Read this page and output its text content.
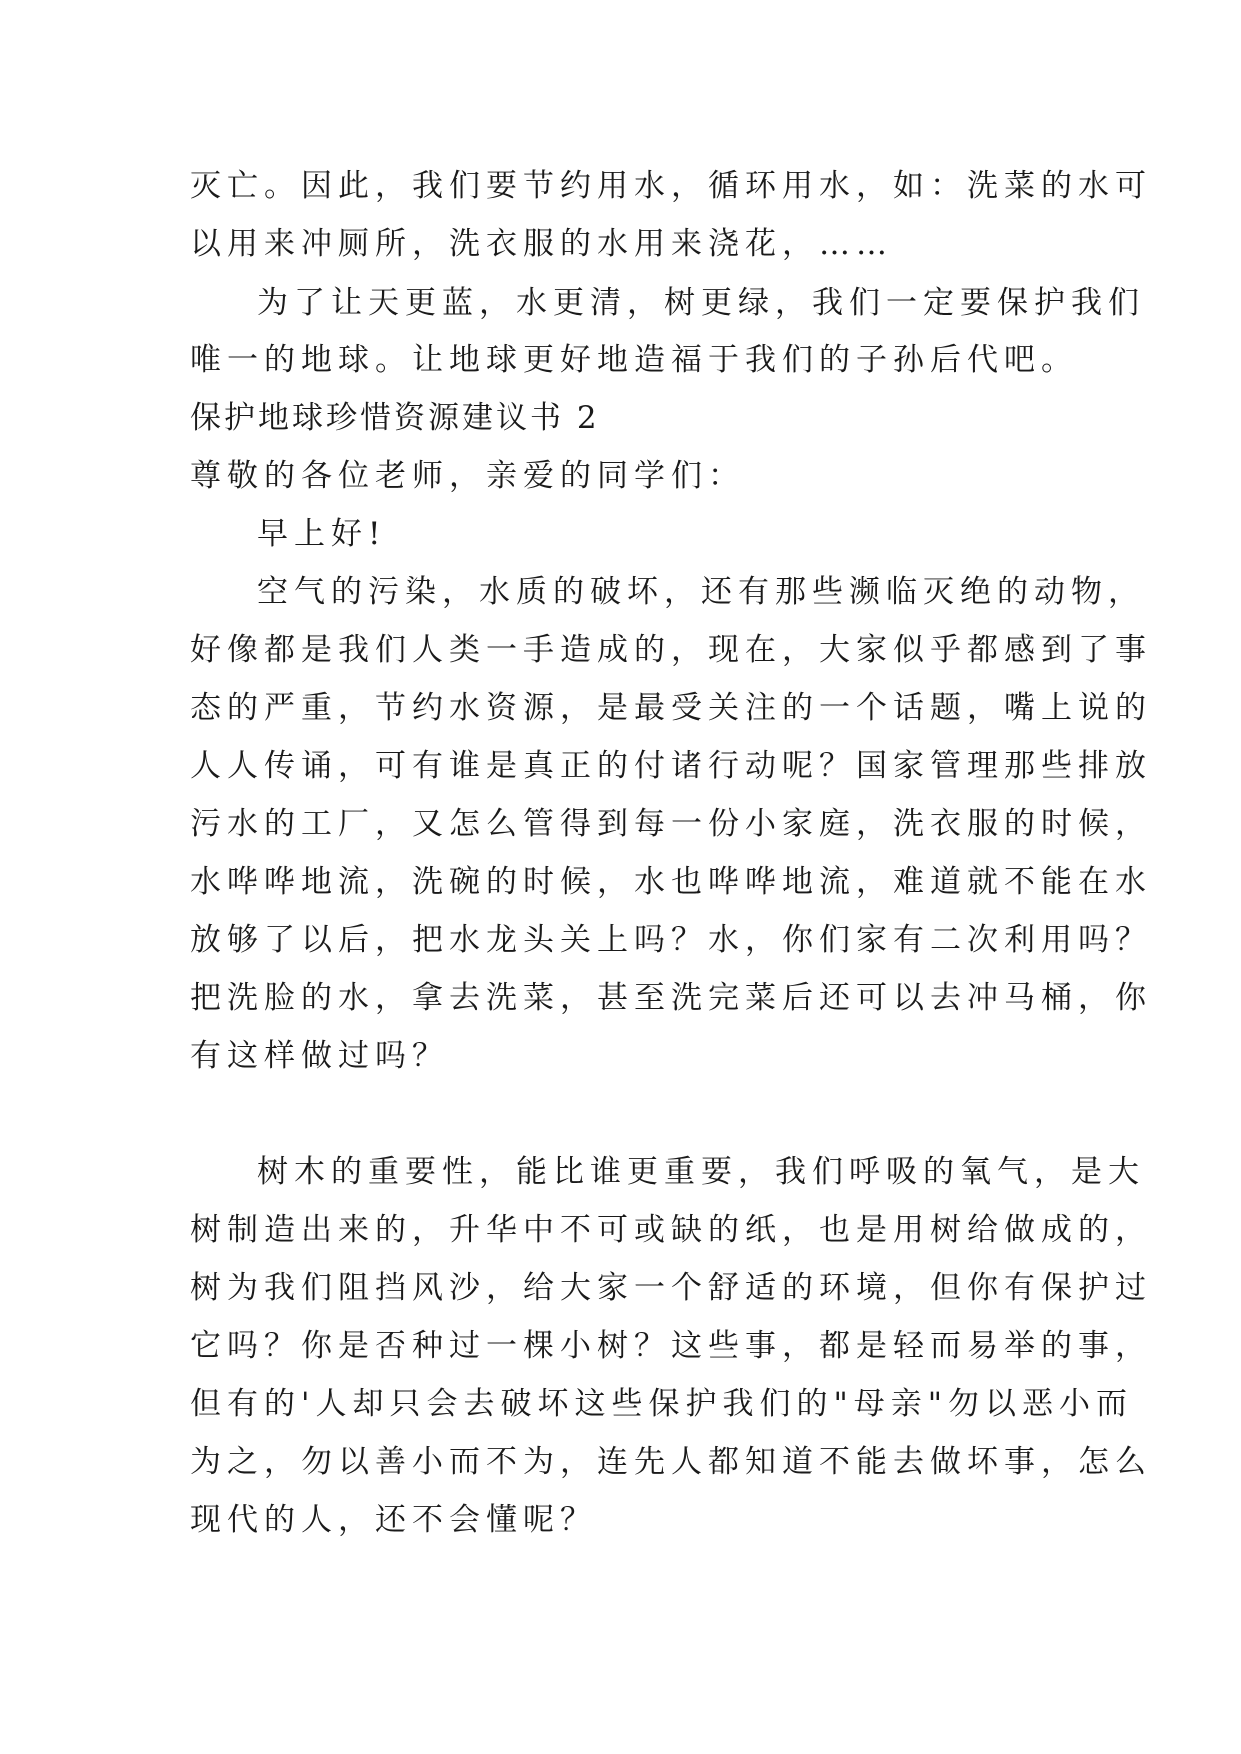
灭亡。因此，我们要节约用水，循环用水，如：洗菜的水可
以用来冲厕所，洗衣服的水用来浇花，……
为了让天更蓝，水更清，树更绿，我们一定要保护我们
唯一的地球。让地球更好地造福于我们的子孙后代吧。
保护地球珍惜资源建议书 2
尊敬的各位老师，亲爱的同学们：
早上好!
空气的污染，水质的破坏，还有那些濒临灭绝的动物，
好像都是我们人类一手造成的，现在，大家似乎都感到了事
态的严重，节约水资源，是最受关注的一个话题，嘴上说的
人人传诵，可有谁是真正的付诸行动呢？国家管理那些排放
污水的工厂，又怎么管得到每一份小家庭，洗衣服的时候，
水哗哗地流，洗碗的时候，水也哗哗地流，难道就不能在水
放够了以后，把水龙头关上吗？水，你们家有二次利用吗？
把洗脸的水，拿去洗菜，甚至洗完菜后还可以去冲马桶，你
有这样做过吗？
树木的重要性，能比谁更重要，我们呼吸的氧气，是大
树制造出来的，升华中不可或缺的纸，也是用树给做成的，
树为我们阻挡风沙，给大家一个舒适的环境，但你有保护过
它吗？你是否种过一棵小树？这些事，都是轻而易举的事，
但有的'人却只会去破坏这些保护我们的"母亲"勿以恶小而
为之，勿以善小而不为，连先人都知道不能去做坏事，怎么
现代的人，还不会懂呢？
